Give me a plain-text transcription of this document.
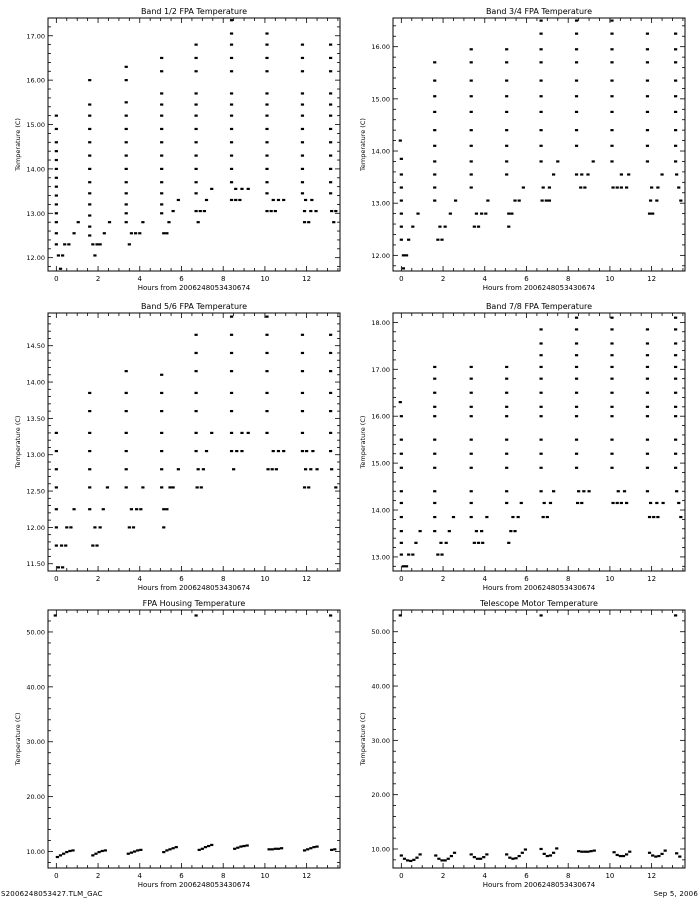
Band 1/2 FPA Temperature
Hours from 2006248053430674
Temperature (C)
0	2	4	6	8	10	12
12.00
13.00
14.00
15.00
16.00
17.00
Band 3/4 FPA Temperature
Hours from 2006248053430674
Temperature (C)
0	2	4	6	8	10	12
12.00
13.00
14.00
15.00
16.00
Band 5/6 FPA Temperature
Hours from 2006248053430674
Temperature (C)
0	2	4	6	8	10	12
11.50
12.00
12.50
13.00
13.50
14.00
14.50
Band 7/8 FPA Temperature
Hours from 2006248053430674
Temperature (C)
0	2	4	6	8	10	12
13.00
14.00
15.00
16.00
17.00
18.00
FPA Housing Temperature
Hours from 2006248053430674
Temperature (C)
0	2	4	6	8	10	12
10.00
20.00
30.00
40.00
50.00
Telescope Motor Temperature
Hours from 2006248053430674
Temperature (C)
0	2	4	6	8	10	12
10.00
20.00
30.00
40.00
50.00
S2006248053427.TLM_GAC	Sep 5, 2006
